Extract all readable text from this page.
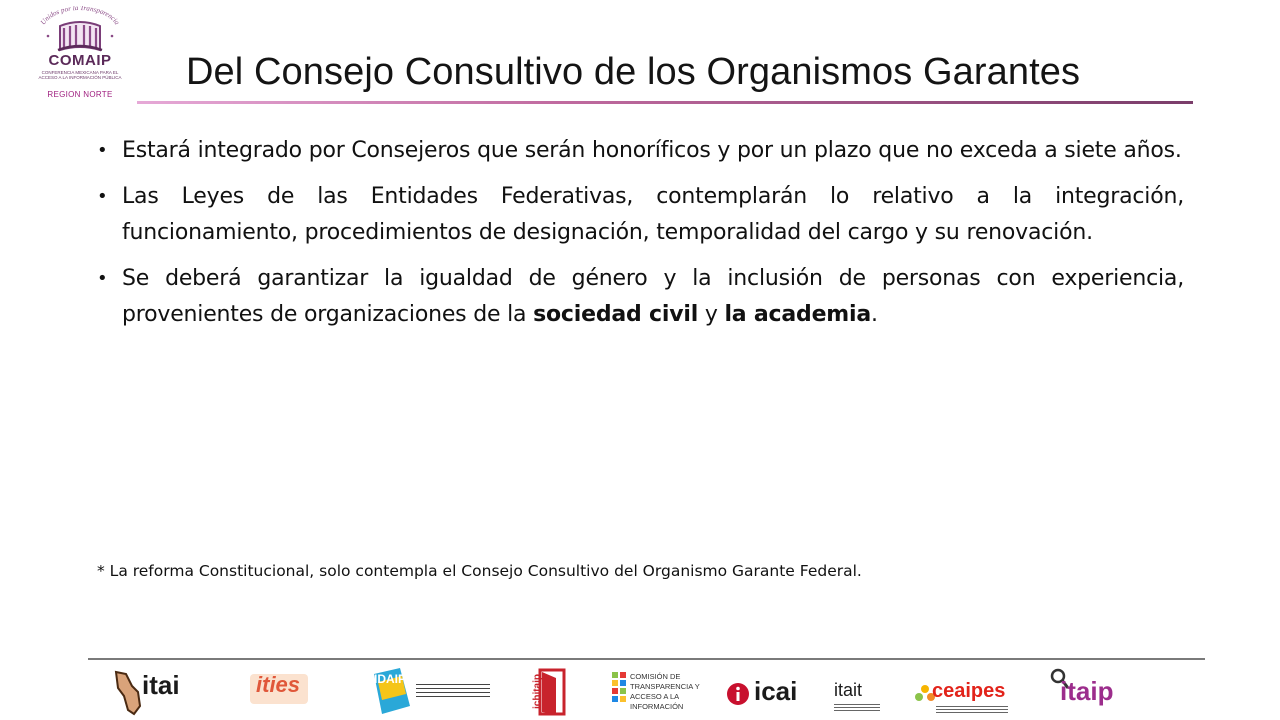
Unidos por la Transparencia
COMAIP
CONFERENCIA MEXICANA PARA EL ACCESO A LA INFORMACIÓN PÚBLICA
REGION NORTE
Del Consejo Consultivo de los Organismos Garantes

• Estará integrado por Consejeros que serán honoríficos y por un plazo que no exceda a siete años.

• Las Leyes de las Entidades Federativas, contemplarán lo relativo a la integración, funcionamiento, procedimientos de designación, temporalidad del cargo y su renovación.

• Se deberá garantizar la igualdad de género y la inclusión de personas con experiencia, provenientes de organizaciones de la sociedad civil y la academia.

* La reforma Constitucional, solo contempla el Consejo Consultivo del Organismo Garante Federal.
itai	ities	IDAIP	ichitaip	COMISIÓN DE
TRANSPARENCIA Y
ACCESO A LA
INFORMACIÓN
icai itait	ceaipes itaip
